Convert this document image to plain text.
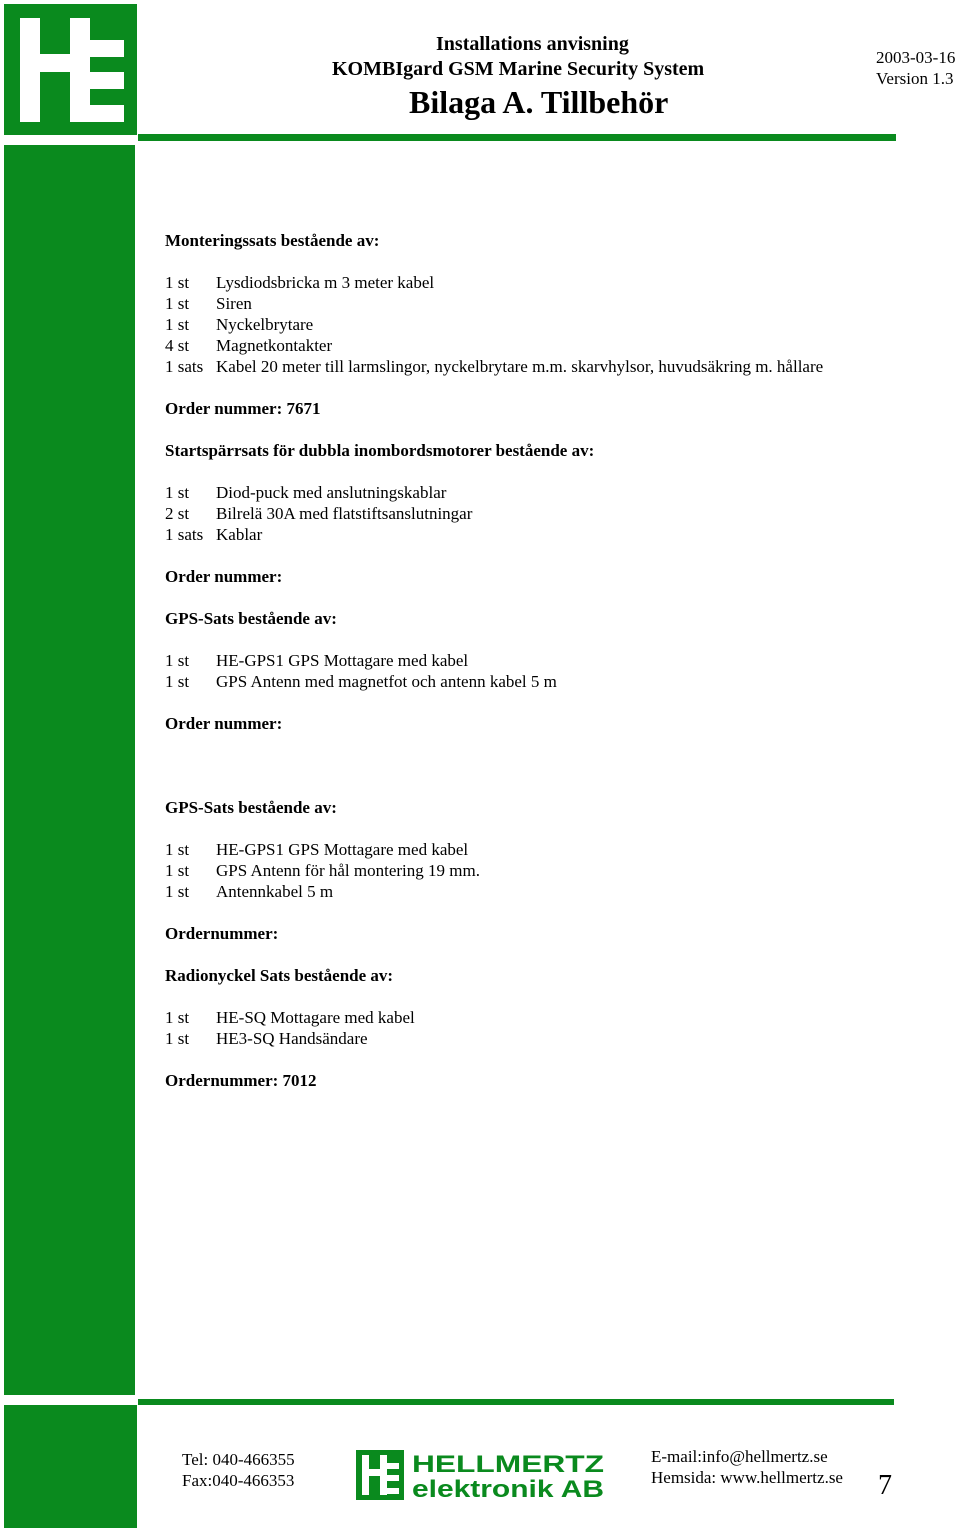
Installations anvisning
KOMBIgard GSM Marine Security System
Bilaga A. Tillbehör
2003-03-16
Version 1.3
Monteringssats bestående av:
1 st	Lysdiodsbricka m 3 meter kabel
1 st	Siren
1 st	Nyckelbrytare
4 st	Magnetkontakter
1 sats Kabel 20 meter till larmslingor, nyckelbrytare m.m. skarvhylsor, huvudsäkring m. hållare
Order nummer: 7671
Startspärrsats för dubbla inombordsmotorer bestående av:
1 st	Diod-puck med anslutningskablar
2 st	Bilrelä 30A med flatstiftsanslutningar
1 sats Kablar
Order nummer:
GPS-Sats bestående av:
1 st	HE-GPS1 GPS Mottagare med kabel
1 st	GPS Antenn med magnetfot och antenn kabel 5 m
Order nummer:
GPS-Sats bestående av:
1 st	HE-GPS1 GPS Mottagare med kabel
1 st	GPS Antenn för hål montering 19 mm.
1 st	Antennkabel 5 m
Ordernummer:
Radionyckel Sats bestående av:
1 st	HE-SQ Mottagare med kabel
1 st	HE3-SQ Handsändare
Ordernummer: 7012
Tel: 040-466355
Fax:040-466353
HELLMERTZ
elektronik AB
E-mail:info@hellmertz.se
Hemsida: www.hellmertz.se 7
